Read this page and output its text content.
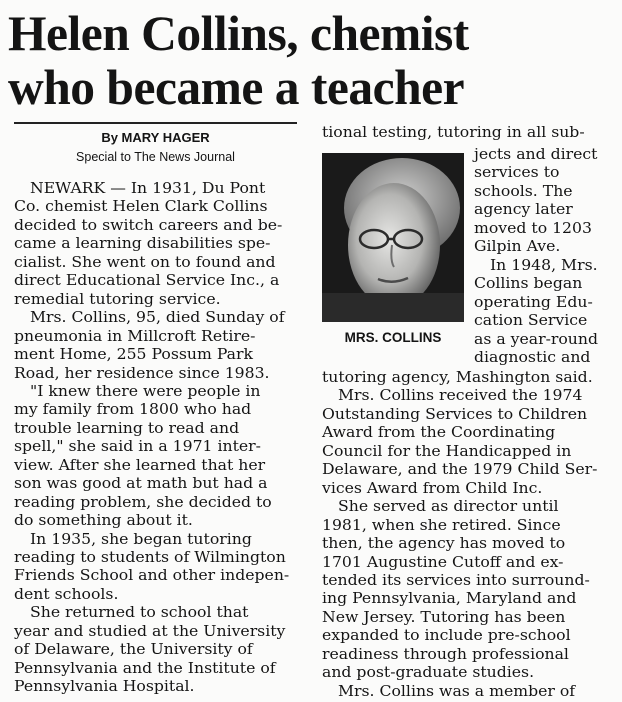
Helen Collins, chemist
who became a teacher
By MARY HAGER
Special to The News Journal
MRS. COLLINS
NEWARK — In 1931, Du Pont
Co. chemist Helen Clark Collins
decided to switch careers and be-
came a learning disabilities spe-
cialist. She went on to found and
direct Educational Service Inc., a
remedial tutoring service.
Mrs. Collins, 95, died Sunday of
pneumonia in Millcroft Retire-
ment Home, 255 Possum Park
Road, her residence since 1983.
"I knew there were people in
my family from 1800 who had
trouble learning to read and
spell," she said in a 1971 inter-
view. After she learned that her
son was good at math but had a
reading problem, she decided to
do something about it.
In 1935, she began tutoring
reading to students of Wilmington
Friends School and other indepen-
dent schools.
She returned to school that
year and studied at the University
of Delaware, the University of
Pennsylvania and the Institute of
Pennsylvania Hospital.
tional testing, tutoring in all sub-
jects and direct
services to
schools. The
agency later
moved to 1203
Gilpin Ave.
In 1948, Mrs.
Collins began
operating Edu-
cation Service
as a year-round
diagnostic and
tutoring agency, Mashington said.
Mrs. Collins received the 1974
Outstanding Services to Children
Award from the Coordinating
Council for the Handicapped in
Delaware, and the 1979 Child Ser-
vices Award from Child Inc.
She served as director until
1981, when she retired. Since
then, the agency has moved to
1701 Augustine Cutoff and ex-
tended its services into surround-
ing Pennsylvania, Maryland and
New Jersey. Tutoring has been
expanded to include pre-school
readiness through professional
and post-graduate studies.
Mrs. Collins was a member of
